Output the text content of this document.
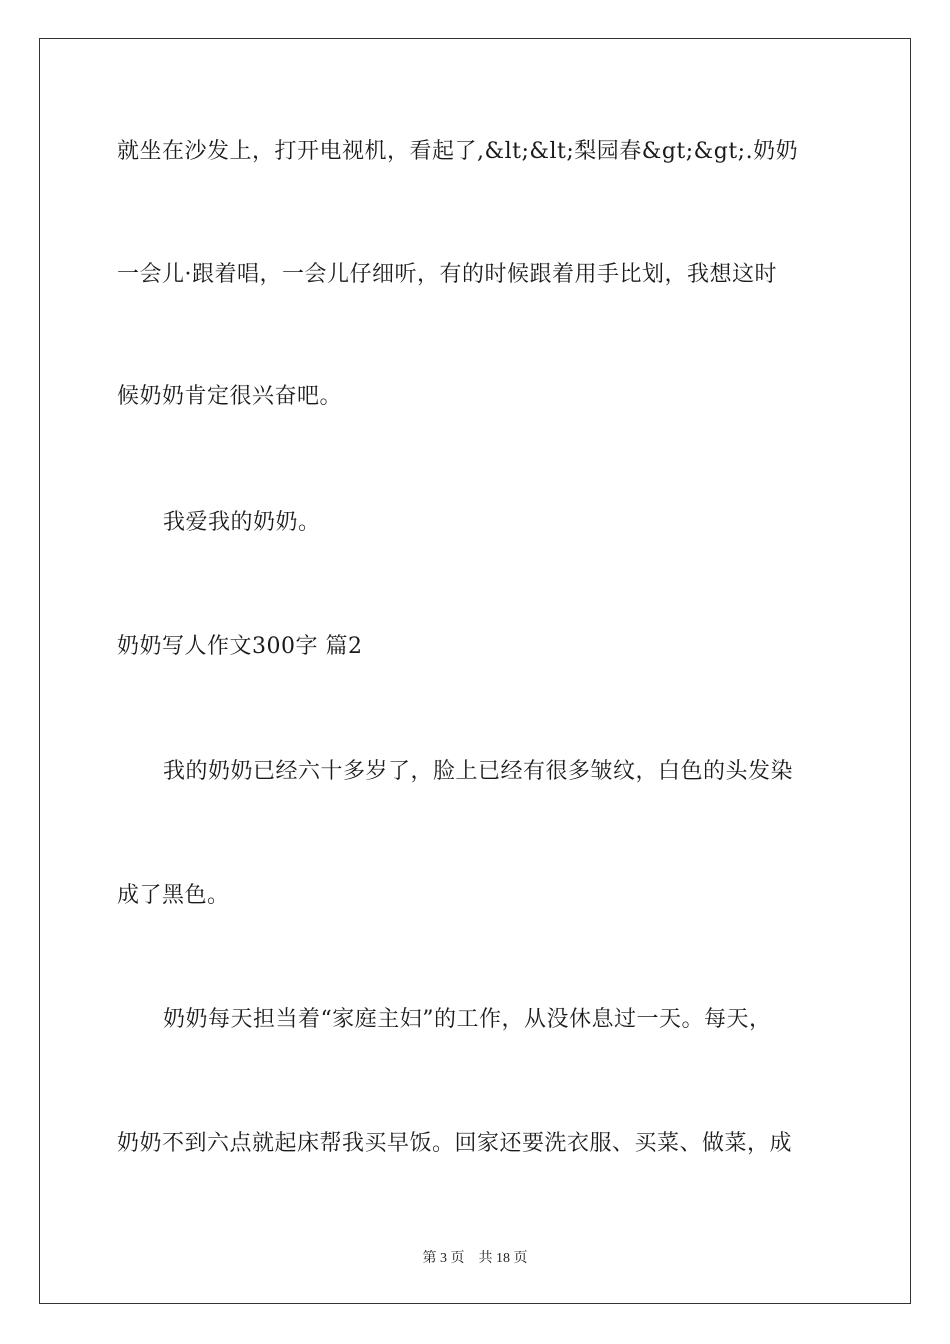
就坐在沙发上，打开电视机，看起了,&lt;&lt;梨园春&gt;&gt;.奶奶
一会儿·跟着唱，一会儿仔细听，有的时候跟着用手比划，我想这时
候奶奶肯定很兴奋吧。
我爱我的奶奶。
奶奶写人作文300字 篇2
我的奶奶已经六十多岁了，脸上已经有很多皱纹，白色的头发染
成了黑色。
奶奶每天担当着“家庭主妇”的工作，从没休息过一天。每天，
奶奶不到六点就起床帮我买早饭。回家还要洗衣服、买菜、做菜，成
第 3 页 共 18 页
